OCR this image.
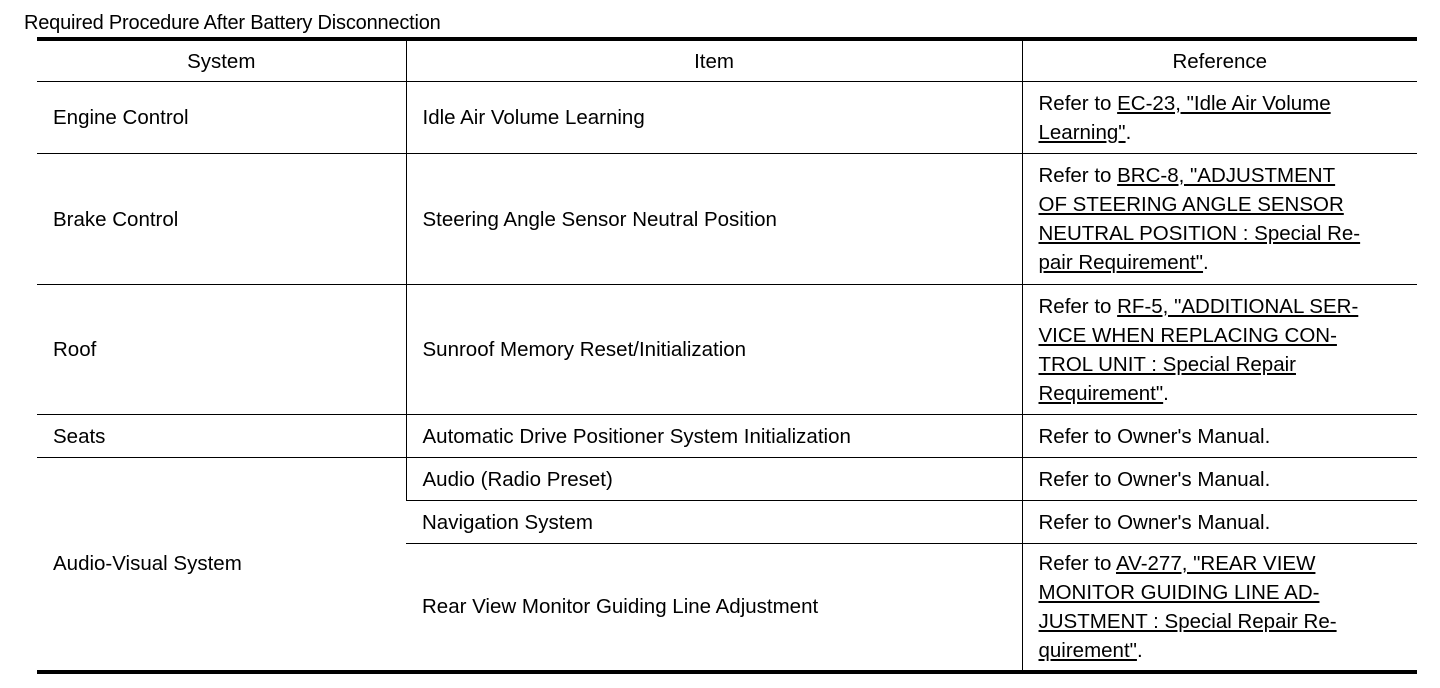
Required Procedure After Battery Disconnection
System	Item	Reference
Engine Control	Idle Air Volume Learning	Refer to EC-23, "Idle Air Volume
Learning".
Brake Control	Steering Angle Sensor Neutral Position	Refer to BRC-8, "ADJUSTMENT
OF STEERING ANGLE SENSOR
NEUTRAL POSITION : Special Re-
pair Requirement".
Roof	Sunroof Memory Reset/Initialization	Refer to RF-5, "ADDITIONAL SER-
VICE WHEN REPLACING CON-
TROL UNIT : Special Repair
Requirement".
Seats	Automatic Drive Positioner System Initialization	Refer to Owner's Manual.
Audio-Visual System	Audio (Radio Preset)	Refer to Owner's Manual.
	Navigation System	Refer to Owner's Manual.
	Rear View Monitor Guiding Line Adjustment	Refer to AV-277, "REAR VIEW
MONITOR GUIDING LINE AD-
JUSTMENT : Special Repair Re-
quirement".
